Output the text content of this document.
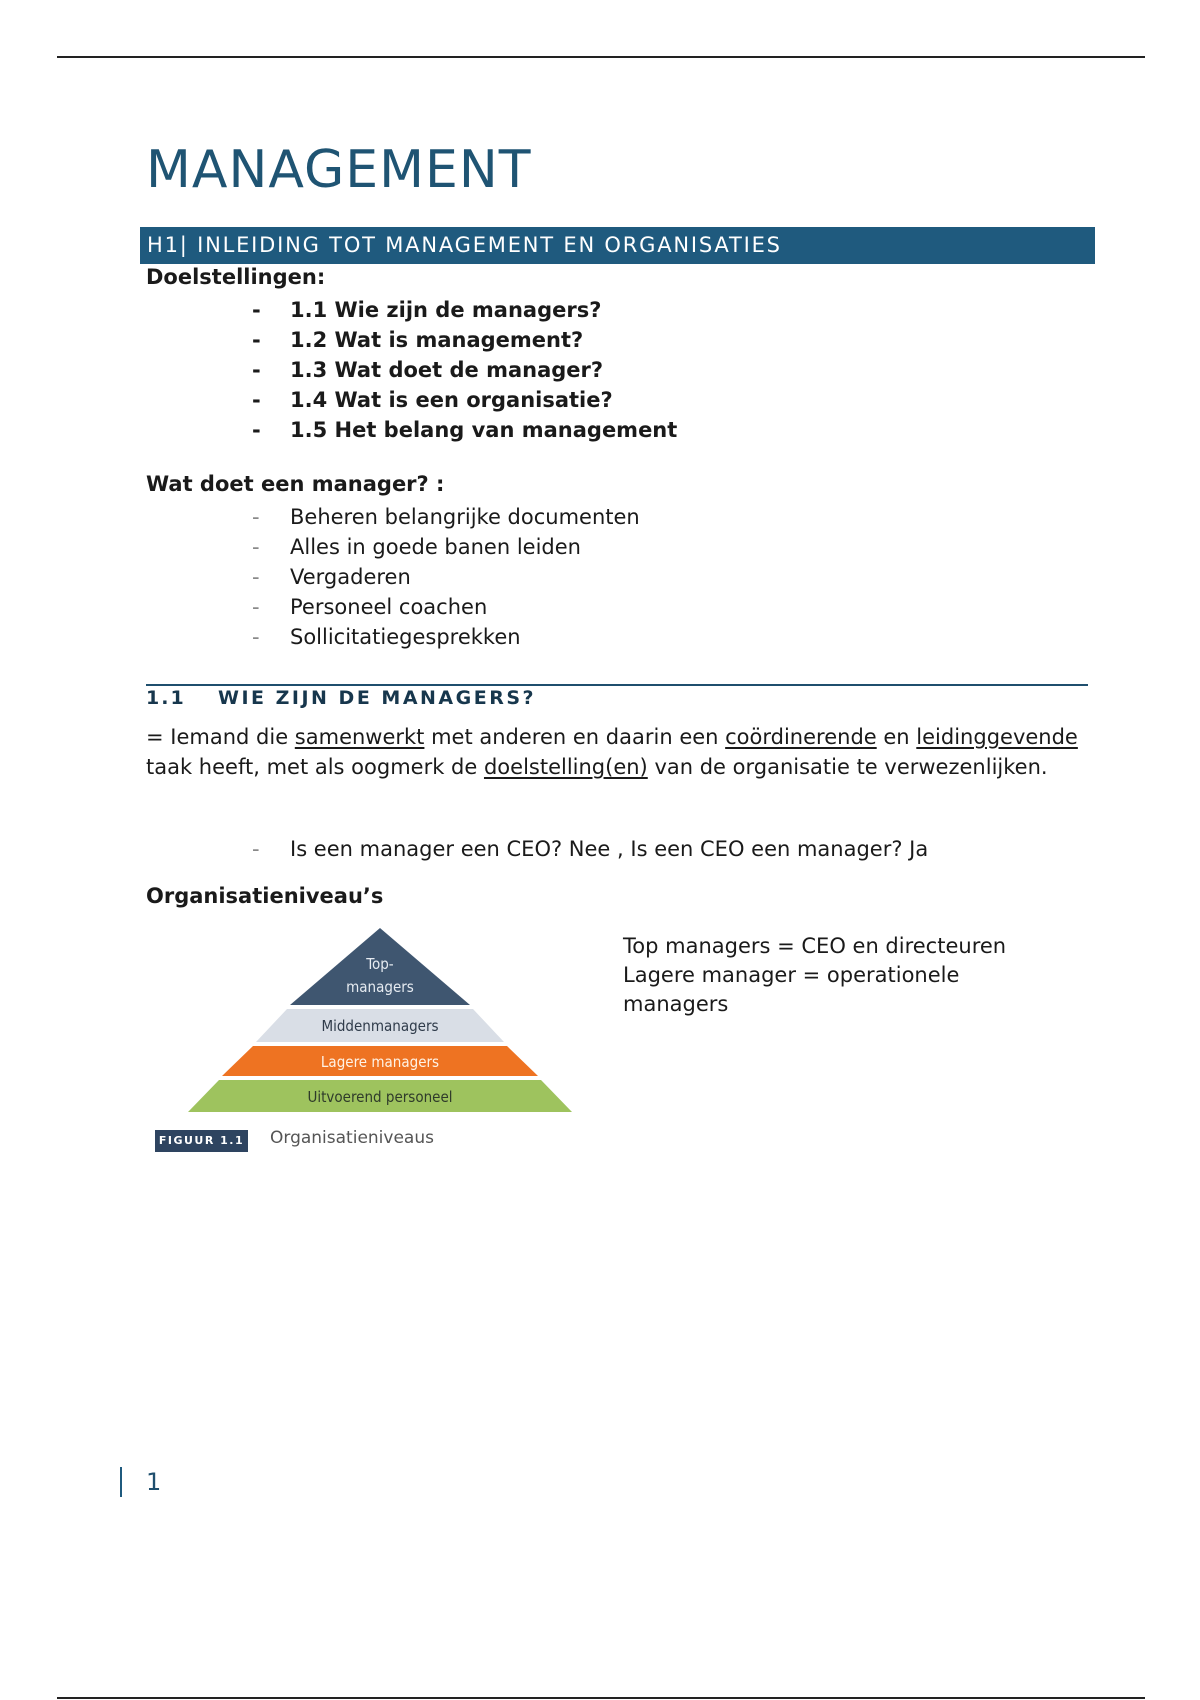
MANAGEMENT
H1| INLEIDING TOT MANAGEMENT EN ORGANISATIES
Doelstellingen:
- 1.1 Wie zijn de managers?
- 1.2 Wat is management?
- 1.3 Wat doet de manager?
- 1.4 Wat is een organisatie?
- 1.5 Het belang van management
Wat doet een manager? :
- Beheren belangrijke documenten
- Alles in goede banen leiden
- Vergaderen
- Personeel coachen
- Sollicitatiegesprekken
1.1 WIE ZIJN DE MANAGERS?
= Iemand die samenwerkt met anderen en daarin een coördinerende en leidinggevende taak heeft, met als oogmerk de doelstelling(en) van de organisatie te verwezenlijken.
- Is een manager een CEO? Nee , Is een CEO een manager? Ja
Organisatieniveau’s
Top-
managers
Middenmanagers
Lagere managers
Uitvoerend personeel
FIGUUR 1.1 Organisatieniveaus
Top managers = CEO en directeuren
Lagere manager = operationele managers
1
